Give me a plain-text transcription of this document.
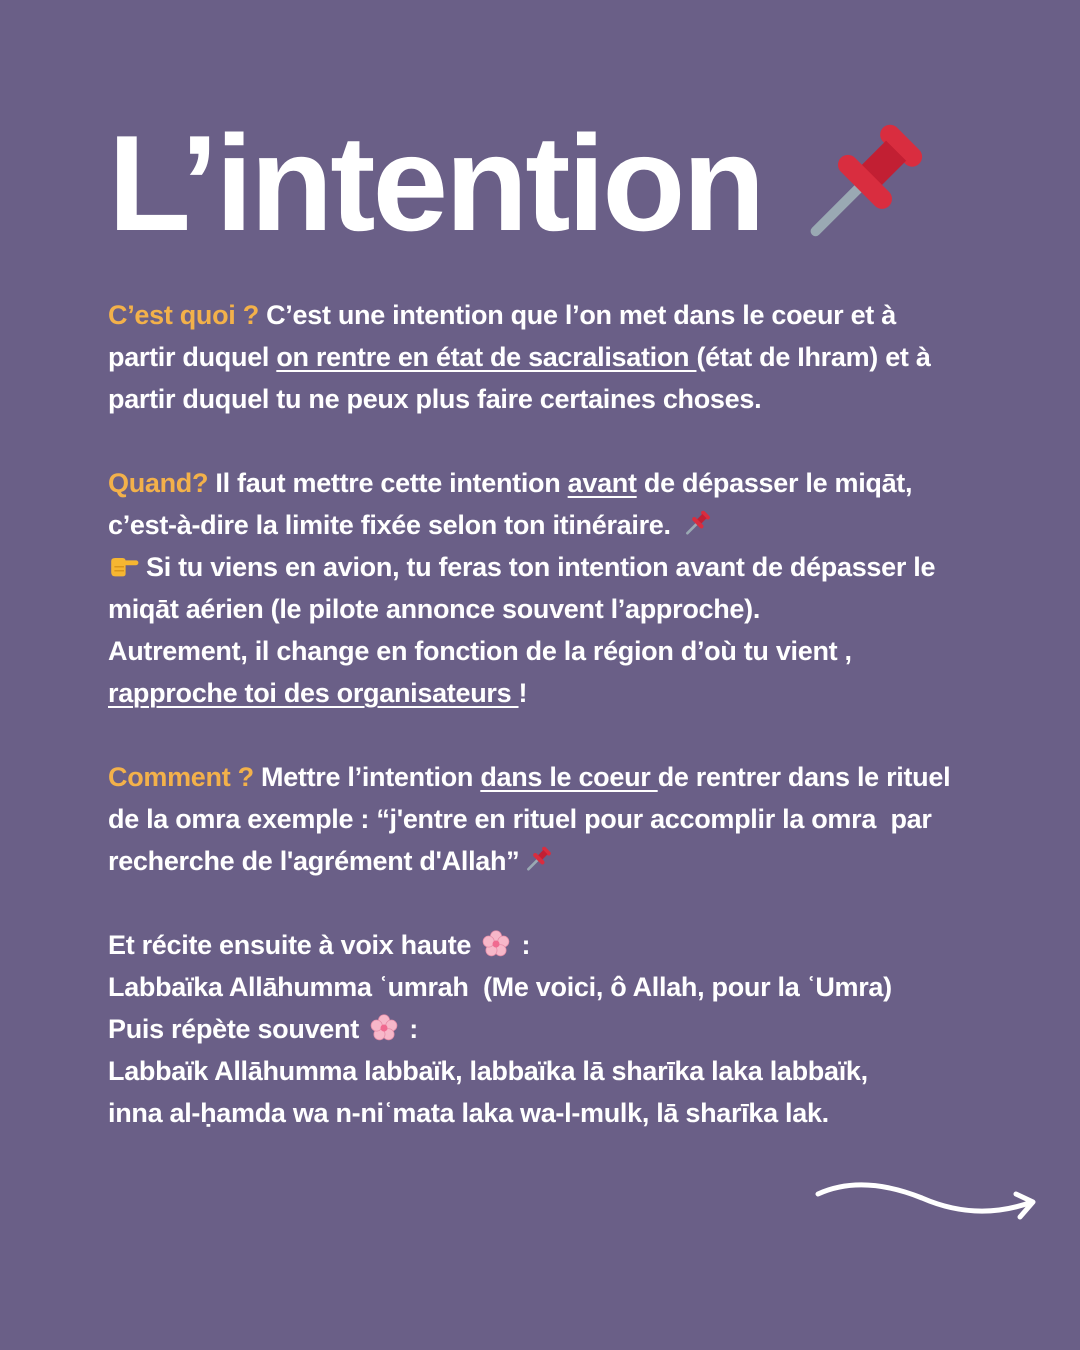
L’intention
C’est quoi ? C’est une intention que l’on met dans le coeur et à
partir duquel on rentre en état de sacralisation (état de Ihram) et à
partir duquel tu ne peux plus faire certaines choses.
Quand? Il faut mettre cette intention avant de dépasser le miqāt,
c’est-à-dire la limite fixée selon ton itinéraire.
Si tu viens en avion, tu feras ton intention avant de dépasser le
miqāt aérien (le pilote annonce souvent l’approche).
Autrement, il change en fonction de la région d’où tu vient ,
rapproche toi des organisateurs !
Comment ? Mettre l’intention dans le coeur de rentrer dans le rituel
de la omra exemple : “j'entre en rituel pour accomplir la omra  par
recherche de l'agrément d'Allah”
Et récite ensuite à voix haute :
Labbaïka Allāhumma ʿumrah  (Me voici, ô Allah, pour la ʿUmra)
Puis répète souvent :
Labbaïk Allāhumma labbaïk, labbaïka lā sharīka laka labbaïk,
inna al-ḥamda wa n-niʿmata laka wa-l-mulk, lā sharīka lak.
